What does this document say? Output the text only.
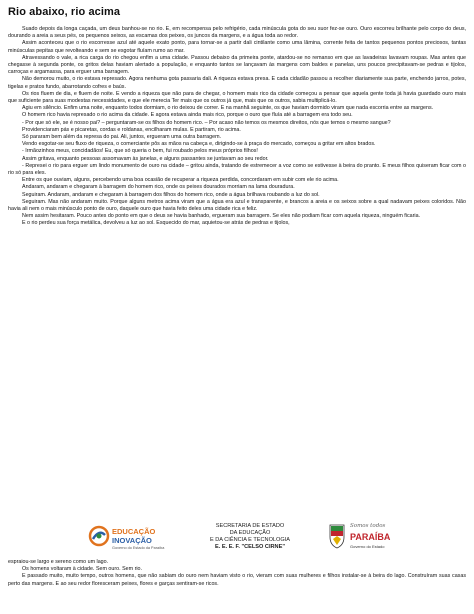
Rio abaixo, rio acima

Suado depois da longa caçada, um deus banhou-se no rio. E, em recompensa pelo refrigério, cada minúscula gota do seu suor fez-se ouro. Ouro escorreu brilhante pelo corpo do deus, dourando a areia a seus pés, os pequenos seixos, as escamas dos peixes, os juncos da margens, e a água toda ao redor.

Assim aconteceu que o rio escorresse azul até aquele exato ponto, para tornar-se a partir dali cintilante como uma lâmina, corrente feita de tantos pequenos pontos preciosos, tantas minúsculas pepitas que revolteando e sem se esgotar fluíam rumo ao mar.

Atravessando o vale, a rica carga do rio chegou enfim a uma cidade. Passou debaixo da primeira ponte, atardou-se no remanso em que as lavadeiras lavavam roupas. Mas antes que chegasse à segunda ponte, os gritos delas haviam alertado a população, e enquanto tantos se lançavam às margens com baldes e panelas, uns poucos precipitavam-se pedras e tijolos, carroças e argamassa, para erguer uma barragem.

Não demorou muito, o rio estava represado. Agora nenhuma gota passaria dali. A riqueza estava presa. E cada cidadão passou a recolher diariamente sua parte, enchendo jarros, potes, tigelas e pratos fundo, abarrotando cofres e baús.

Os rios fluem de dia, e fluem de noite. E vendo a riqueza que não para de chegar, o homem mais rico da cidade começou a pensar que aquela gente toda já havia guardado ouro mais que suficiente para suas modestas necessidades, e que ele merecia Ter mais que os outros já que, mais que os outros, sabia multiplicá-lo.

Agiu em silêncio. Enfim uma noite, enquanto todos dormiam, o rio deixou de correr. E na manhã seguinte, os que haviam dormido viram que nada escorria entre as margens.

O homem rico havia represado o rio acima da cidade. E agora estava ainda mais rico, porque o ouro que fluía até a barragem era todo seu.

- Por que só ele, se é nosso pai? – perguntaram-se os filhos do homem rico. – Por acaso não temos os mesmos direitos, nós que temos o mesmo sangue?

Providenciaram pás e picaretas, cordas e roldanas, encilharam mulas. E partiram, rio acima.

Só pararam bem além da represa do pai. Ali, juntos, ergueram uma outra barragem.

Vendo esgotar-se seu fluxo de riqueza, o comerciante pôs as mãos na cabeça e, dirigindo-se à praça do mercado, começou a gritar em altos brados.

- Irmãozinhos meus, concidadãos! Eu, que só queria o bem, fui roubado pelos meus próprios filhos!

Assim gritava, enquanto pessoas assomavam às janelas, e alguns passantes se juntavam ao seu redor.

- Represei o rio para erguer um lindo monumento de ouro na cidade – gritou ainda, tratando de estremecer a voz como se estivesse à beira do pranto. E meus filhos quiseram ficar com o rio só para eles.

Entre os que ouviam, alguns, percebendo uma boa ocasião de recuperar a riqueza perdida, concordaram em subir com ele rio acima.

Andaram, andaram e chegaram à barragem do homem rico, onde os peixes dourados morriam na lama douradura.

Seguiram. Andaram, andaram e chegaram à barragem dos filhos do homem rico, onde a água brilhava roubando a luz do sol.

Seguiram. Mas não andaram muito. Porque alguns metros acima viram que a água era azul e transparente, e brancos a areia e os seixos sobre a qual nadavam peixes coloridos. Não havia ali nem o mais minúsculo ponto de ouro, daquele ouro que havia feito deles uma cidade rica e feliz.

Nem assim hesitaram. Pouco antes do ponto em que o deus se havia banhado, ergueram sua barragem. Se eles não podiam ficar com aquela riqueza, ninguém ficaria.

E o rio perdeu sua força metálica, devolveu a luz ao sol. Esquecido do mar, aquietou-se atrás de pedras e tijolos,

EDUCAÇÃO
INOVAÇÃO
Governo do Estado da Paraíba
SECRETARIA DE ESTADO
DA EDUCAÇÃO
E DA CIÊNCIA E TECNOLOGIA
E. E. E. F. "CELSO CIRNE"
Somos todos
PARAÍBA
Governo do Estado

espraiou-se largo e sereno como um lago.

Os homens voltaram à cidade. Sem ouro. Sem rio.

E passado muito, muito tempo, outros homens, que não sabiam do ouro nem haviam visto o rio, vieram com suas mulheres e filhos instalar-se à beira do lago. Construíram suas casas perto das margens. E ao seu redor floresceram peixes, flores e garças sentiram-se ricos.
